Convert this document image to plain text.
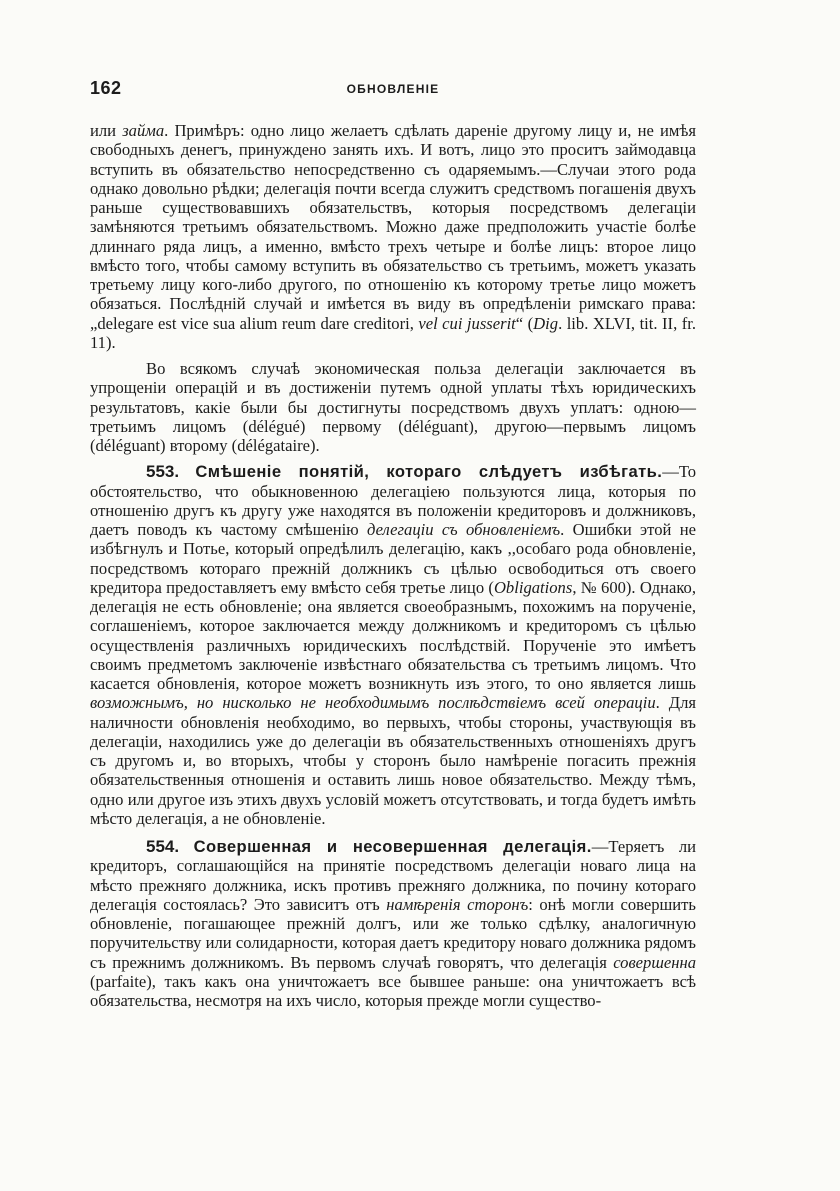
162	ОБНОВЛЕНІЕ

или займа. Примѣръ: одно лицо желаетъ сдѣлать дареніе другому лицу и, не имѣя свободныхъ денегъ, принуждено занять ихъ. И вотъ, лицо это проситъ займодавца вступить въ обязательство непосредственно съ одаряемымъ.—Случаи этого рода однако довольно рѣдки; делегація почти всегда служитъ средствомъ погашенія двухъ раньше существовавшихъ обязательствъ, которыя посредствомъ делегаціи замѣняются третьимъ обязательствомъ. Можно даже предположить участіе болѣе длиннаго ряда лицъ, а именно, вмѣсто трехъ четыре и болѣе лицъ: второе лицо вмѣсто того, чтобы самому вступить въ обязательство съ третьимъ, можетъ указать третьему лицу кого-либо другого, по отношенію къ которому третье лицо можетъ обязаться. Послѣдній случай и имѣется въ виду въ опредѣленіи римскаго права: „delegare est vice sua alium reum dare creditori, vel cui jusserit“ (Dig. lib. XLVI, tit. II, fr. 11).

Во всякомъ случаѣ экономическая польза делегаціи заключается въ упрощеніи операцій и въ достиженіи путемъ одной уплаты тѣхъ юридическихъ результатовъ, какіе были бы достигнуты посредствомъ двухъ уплатъ: одною—третьимъ лицомъ (délégué) первому (déléguant), другою—первымъ лицомъ (déléguant) второму (délégataire).

553. Смѣшеніе понятій, котораго слѣдуетъ избѣгать.—То обстоятельство, что обыкновенною делегаціею пользуются лица, которыя по отношенію другъ къ другу уже находятся въ положеніи кредиторовъ и должниковъ, даетъ поводъ къ частому смѣшенію делегаціи съ обновленіемъ. Ошибки этой не избѣгнулъ и Потье, который опредѣлилъ делегацію, какъ ,,особаго рода обновленіе, посредствомъ котораго прежній должникъ съ цѣлью освободиться отъ своего кредитора предоставляетъ ему вмѣсто себя третье лицо (Obligations, № 600). Однако, делегація не есть обновленіе; она является своеобразнымъ, похожимъ на порученіе, соглашеніемъ, которое заключается между должникомъ и кредиторомъ съ цѣлью осуществленія различныхъ юридическихъ послѣдствій. Порученіе это имѣетъ своимъ предметомъ заключеніе извѣстнаго обязательства съ третьимъ лицомъ. Что касается обновленія, которое можетъ возникнуть изъ этого, то оно является лишь возможнымъ, но нисколько не необходимымъ послѣдствіемъ всей операціи. Для наличности обновленія необходимо, во первыхъ, чтобы стороны, участвующія въ делегаціи, находились уже до делегаціи въ обязательственныхъ отношеніяхъ другъ съ другомъ и, во вторыхъ, чтобы у сторонъ было намѣреніе погасить прежнія обязательственныя отношенія и оставить лишь новое обязательство. Между тѣмъ, одно или другое изъ этихъ двухъ условій можетъ отсутствовать, и тогда будетъ имѣть мѣсто делегація, а не обновленіе.

554. Совершенная и несовершенная делегація.—Теряетъ ли кредиторъ, соглашающійся на принятіе посредствомъ делегаціи новаго лица на мѣсто прежняго должника, искъ противъ прежняго должника, по почину котораго делегація состоялась? Это зависитъ отъ намѣренія сторонъ: онѣ могли совершить обновленіе, погашающее прежній долгъ, или же только сдѣлку, аналогичную поручительству или солидарности, которая даетъ кредитору новаго должника рядомъ съ прежнимъ должникомъ. Въ первомъ случаѣ говорятъ, что делегація совершенна (parfaite), такъ какъ она уничтожаетъ все бывшее раньше: она уничтожаетъ всѣ обязательства, несмотря на ихъ число, которыя прежде могли существо-
